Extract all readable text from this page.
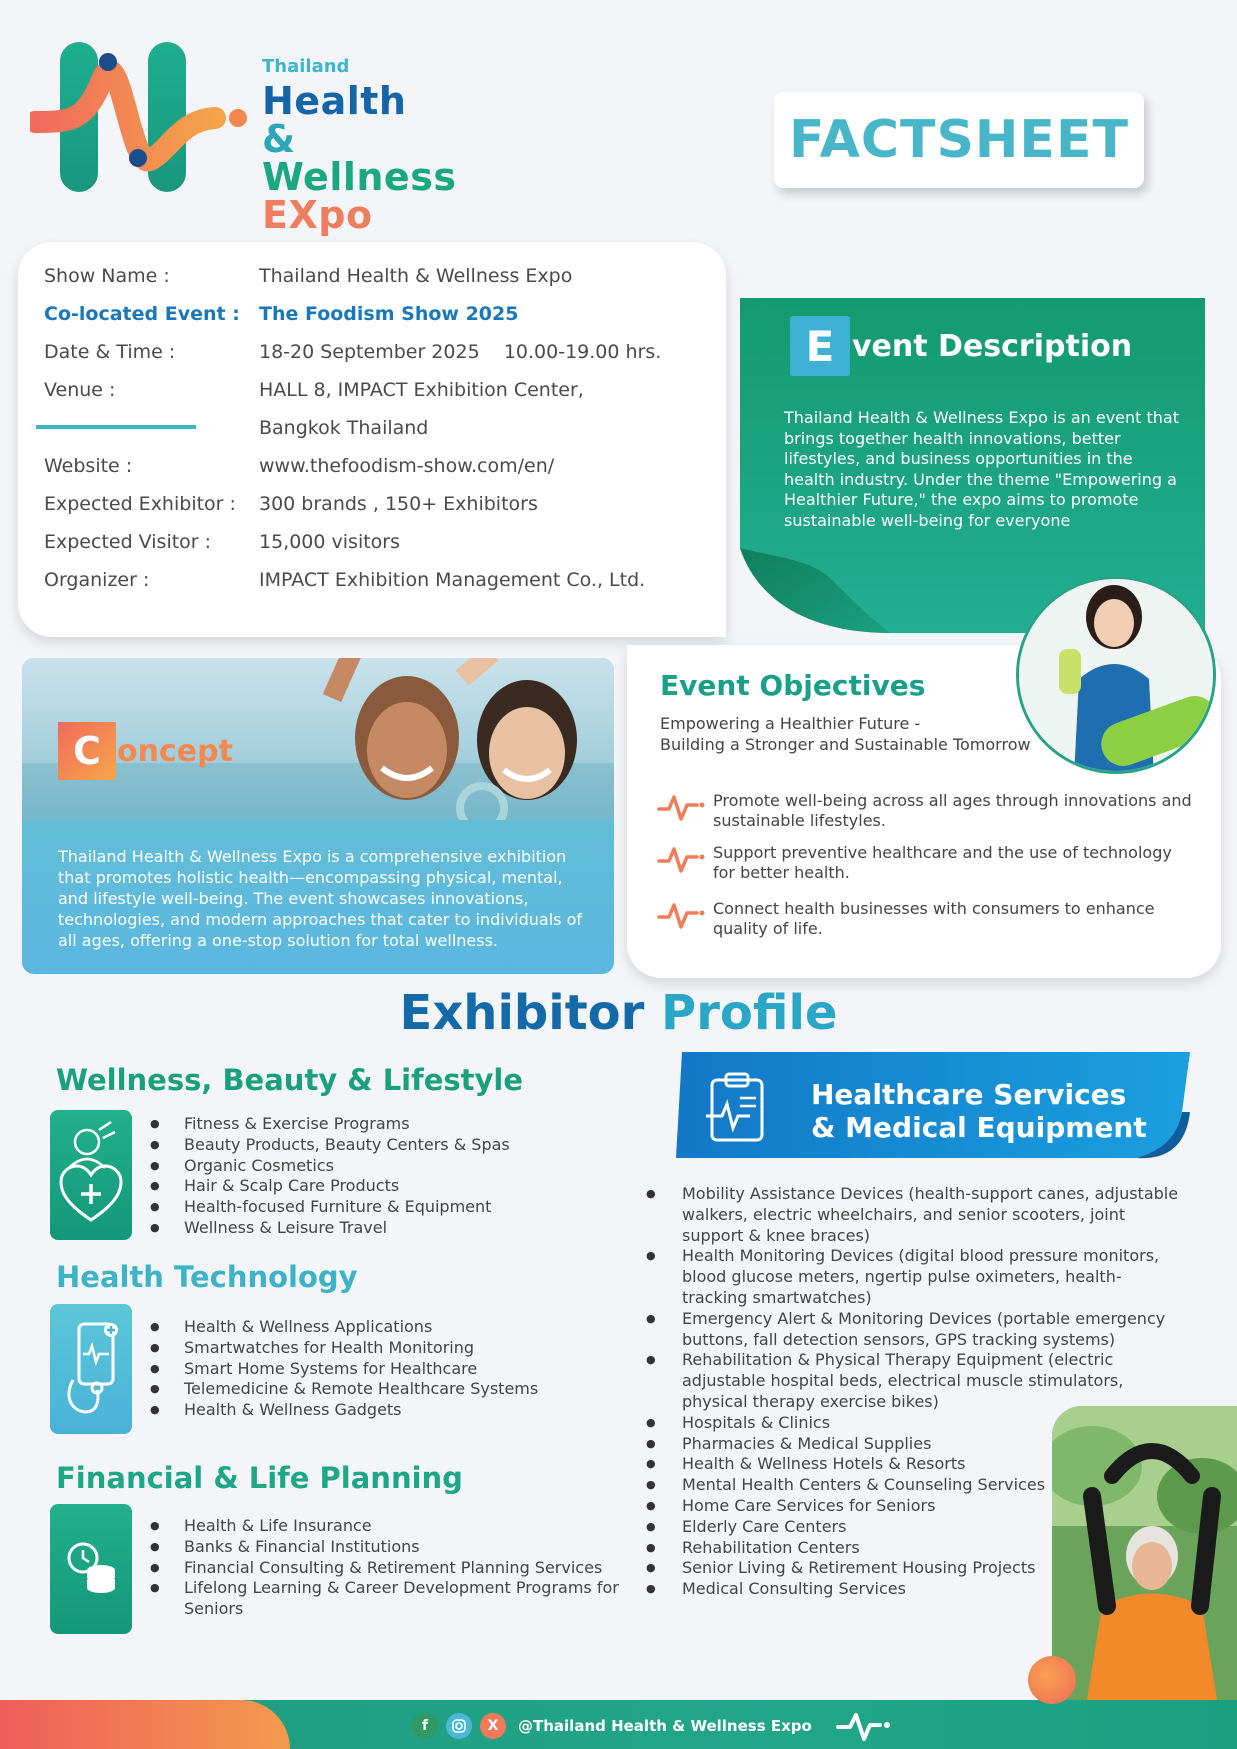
Thailand
Health
& Wellness
EXpo
FACTSHEET
Show Name :	Thailand Health & Wellness Expo
Co-located Event :	The Foodism Show 2025
Date & Time :	18-20 September 2025    10.00-19.00 hrs.
Venue :	HALL 8, IMPACT Exhibition Center,
Bangkok Thailand
Website :	www.thefoodism-show.com/en/
Expected Exhibitor :	300 brands , 150+ Exhibitors
Expected Visitor :	15,000 visitors
Organizer :	IMPACT Exhibition Management Co., Ltd.
E vent Description
Thailand Health & Wellness Expo is an event that brings together health innovations, better lifestyles, and business opportunities in the health industry. Under the theme "Empowering a Healthier Future," the expo aims to promote sustainable well-being for everyone
C oncept
Thailand Health & Wellness Expo is a comprehensive exhibition that promotes holistic health—encompassing physical, mental, and lifestyle well-being. The event showcases innovations, technologies, and modern approaches that cater to individuals of all ages, offering a one-stop solution for total wellness.
Event Objectives
Empowering a Healthier Future -
Building a Stronger and Sustainable Tomorrow
Promote well-being across all ages through innovations and sustainable lifestyles.
Support preventive healthcare and the use of technology for better health.
Connect health businesses with consumers to enhance quality of life.
Exhibitor Profile
Wellness, Beauty & Lifestyle
● Fitness & Exercise Programs
● Beauty Products, Beauty Centers & Spas
● Organic Cosmetics
● Hair & Scalp Care Products
● Health-focused Furniture & Equipment
● Wellness & Leisure Travel
Health Technology
● Health & Wellness Applications
● Smartwatches for Health Monitoring
● Smart Home Systems for Healthcare
● Telemedicine & Remote Healthcare Systems
● Health & Wellness Gadgets
Financial & Life Planning
● Health & Life Insurance
● Banks & Financial Institutions
● Financial Consulting & Retirement Planning Services
● Lifelong Learning & Career Development Programs for Seniors
Healthcare Services
& Medical Equipment
● Mobility Assistance Devices (health-support canes, adjustable walkers, electric wheelchairs, and senior scooters, joint support & knee braces)
● Health Monitoring Devices (digital blood pressure monitors, blood glucose meters, ngertip pulse oximeters, health-tracking smartwatches)
● Emergency Alert & Monitoring Devices (portable emergency buttons, fall detection sensors, GPS tracking systems)
● Rehabilitation & Physical Therapy Equipment (electric adjustable hospital beds, electrical muscle stimulators, physical therapy exercise bikes)
● Hospitals & Clinics
● Pharmacies & Medical Supplies
● Health & Wellness Hotels & Resorts
● Mental Health Centers & Counseling Services
● Home Care Services for Seniors
● Elderly Care Centers
● Rehabilitation Centers
● Senior Living & Retirement Housing Projects
● Medical Consulting Services
f	X	@Thailand Health & Wellness Expo
